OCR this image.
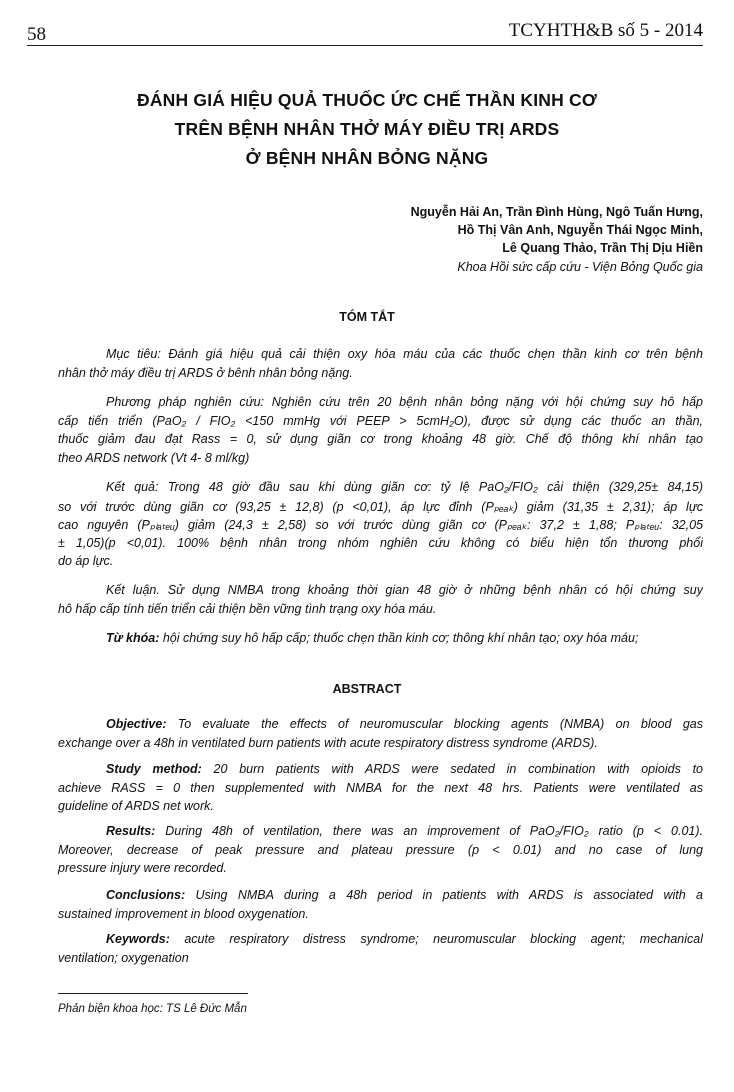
58	TCYHTH&B số 5 - 2014
ĐÁNH GIÁ HIỆU QUẢ THUỐC ỨC CHẾ THẦN KINH CƠ
TRÊN BỆNH NHÂN THỞ MÁY ĐIỀU TRỊ ARDS
Ở BỆNH NHÂN BỎNG NẶNG
Nguyễn Hải An, Trần Đình Hùng, Ngô Tuấn Hưng,
Hồ Thị Vân Anh, Nguyễn Thái Ngọc Minh,
Lê Quang Thảo, Trần Thị Dịu Hiền
Khoa Hồi sức cấp cứu - Viện Bỏng Quốc gia
TÓM TẮT
Mục tiêu: Đánh giá hiệu quả cải thiện oxy hóa máu của các thuốc chẹn thần kinh cơ trên bệnh
nhân thở máy điều trị ARDS ở bênh nhân bỏng nặng.
Phương pháp nghiên cứu: Nghiên cứu trên 20 bệnh nhân bỏng nặng với hội chứng suy hô hấp
cấp tiến triển (PaO₂ / FIO₂ <150 mmHg với PEEP > 5cmH₂O), được sử dụng các thuốc an thần,
thuốc giảm đau đạt Rass = 0, sử dụng giãn cơ trong khoảng 48 giờ. Chế độ thông khí nhân tạo
theo ARDS network (Vt 4- 8 ml/kg)
Kết quả: Trong 48 giờ đầu sau khi dùng giãn cơ: tỷ lệ PaO₂/FIO₂ cải thiện (329,25± 84,15)
so với trước dùng giãn cơ (93,25 ± 12,8) (p <0,01), áp lực đỉnh (Pₚₑₐₖ) giảm (31,35 ± 2,31); áp lực
cao nguyên (Pₚₗₐₜₑᵤ) giảm (24,3 ± 2,58) so với trước dùng giãn cơ (Pₚₑₐₖ: 37,2 ± 1,88; Pₚₗₐₜₑᵤ: 32,05
± 1,05)(p <0,01). 100% bệnh nhân trong nhóm nghiên cứu không có biểu hiện tổn thương phổi
do áp lực.
Kết luận. Sử dụng NMBA trong khoảng thời gian 48 giờ ở những bệnh nhân có hội chứng suy
hô hấp cấp tính tiến triển cải thiện bền vững tình trạng oxy hóa máu.
Từ khóa: hội chứng suy hô hấp cấp; thuốc chẹn thần kinh cơ; thông khí nhân tạo; oxy hóa máu;
ABSTRACT
Objective: To evaluate the effects of neuromuscular blocking agents (NMBA) on blood gas
exchange over a 48h in ventilated burn patients with acute respiratory distress syndrome (ARDS).
Study method: 20 burn patients with ARDS were sedated in combination with opioids to
achieve RASS = 0 then supplemented with NMBA for the next 48 hrs. Patients were ventilated as
guideline of ARDS net work.
Results: During 48h of ventilation, there was an improvement of PaO₂/FIO₂ ratio (p < 0.01).
Moreover, decrease of peak pressure and plateau pressure (p < 0.01) and no case of lung
pressure injury were recorded.
Conclusions: Using NMBA during a 48h period in patients with ARDS is associated with a
sustained improvement in blood oxygenation.
Keywords: acute respiratory distress syndrome; neuromuscular blocking agent; mechanical
ventilation; oxygenation
Phản biện khoa học: TS Lê Đức Mẫn
